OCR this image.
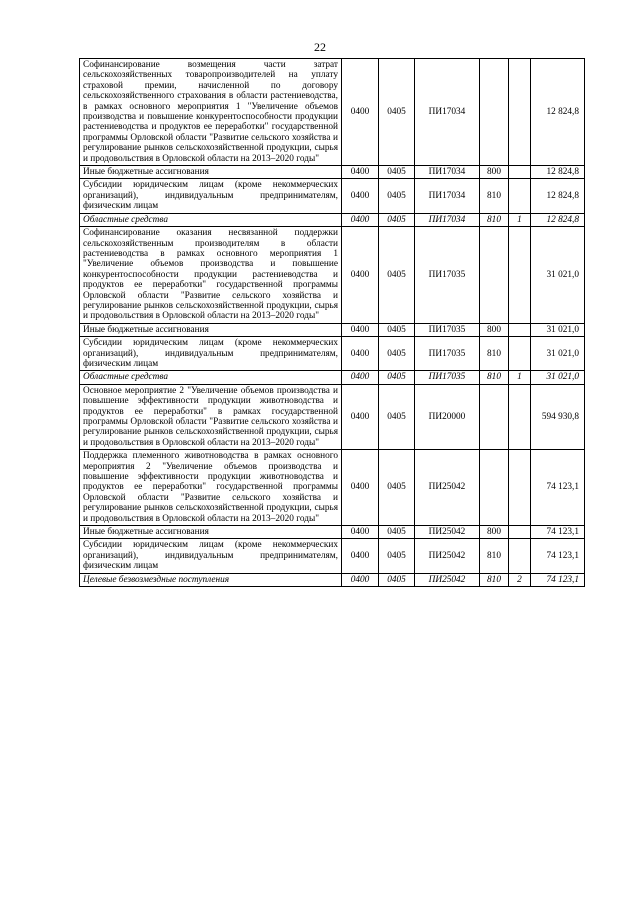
22
Софинансирование возмещения части затрат сельскохозяйственных товаропроизводителей на уплату страховой премии, начисленной по договору сельскохозяйственного страхования в области растениеводства, в рамках основного мероприятия 1 "Увеличение объемов производства и повышение конкурентоспособности продукции растениеводства и продуктов ее переработки" государственной программы Орловской области "Развитие сельского хозяйства и регулирование рынков сельскохозяйственной продукции, сырья и продовольствия в Орловской области на 2013–2020 годы"	0400	0405	ПИ17034			12 824,8
Иные бюджетные ассигнования	0400	0405	ПИ17034	800		12 824,8
Субсидии юридическим лицам (кроме некоммерческих организаций), индивидуальным предпринимателям, физическим лицам	0400	0405	ПИ17034	810		12 824,8
Областные средства	0400	0405	ПИ17034	810	1	12 824,8
Софинансирование оказания несвязанной поддержки сельскохозяйственным производителям в области растениеводства в рамках основного мероприятия 1 "Увеличение объемов производства и повышение конкурентоспособности продукции растениеводства и продуктов ее переработки" государственной программы Орловской области "Развитие сельского хозяйства и регулирование рынков сельскохозяйственной продукции, сырья и продовольствия в Орловской области на 2013–2020 годы"	0400	0405	ПИ17035			31 021,0
Иные бюджетные ассигнования	0400	0405	ПИ17035	800		31 021,0
Субсидии юридическим лицам (кроме некоммерческих организаций), индивидуальным предпринимателям, физическим лицам	0400	0405	ПИ17035	810		31 021,0
Областные средства	0400	0405	ПИ17035	810	1	31 021,0
Основное мероприятие 2 "Увеличение объемов производства и повышение эффективности продукции животноводства и продуктов ее переработки" в рамках государственной программы Орловской области "Развитие сельского хозяйства и регулирование рынков сельскохозяйственной продукции, сырья и продовольствия в Орловской области на 2013–2020 годы"	0400	0405	ПИ20000			594 930,8
Поддержка племенного животноводства в рамках основного мероприятия 2 "Увеличение объемов производства и повышение эффективности продукции животноводства и продуктов ее переработки" государственной программы Орловской области "Развитие сельского хозяйства и регулирование рынков сельскохозяйственной продукции, сырья и продовольствия в Орловской области на 2013–2020 годы"	0400	0405	ПИ25042			74 123,1
Иные бюджетные ассигнования	0400	0405	ПИ25042	800		74 123,1
Субсидии юридическим лицам (кроме некоммерческих организаций), индивидуальным предпринимателям, физическим лицам	0400	0405	ПИ25042	810		74 123,1
Целевые безвозмездные поступления	0400	0405	ПИ25042	810	2	74 123,1
